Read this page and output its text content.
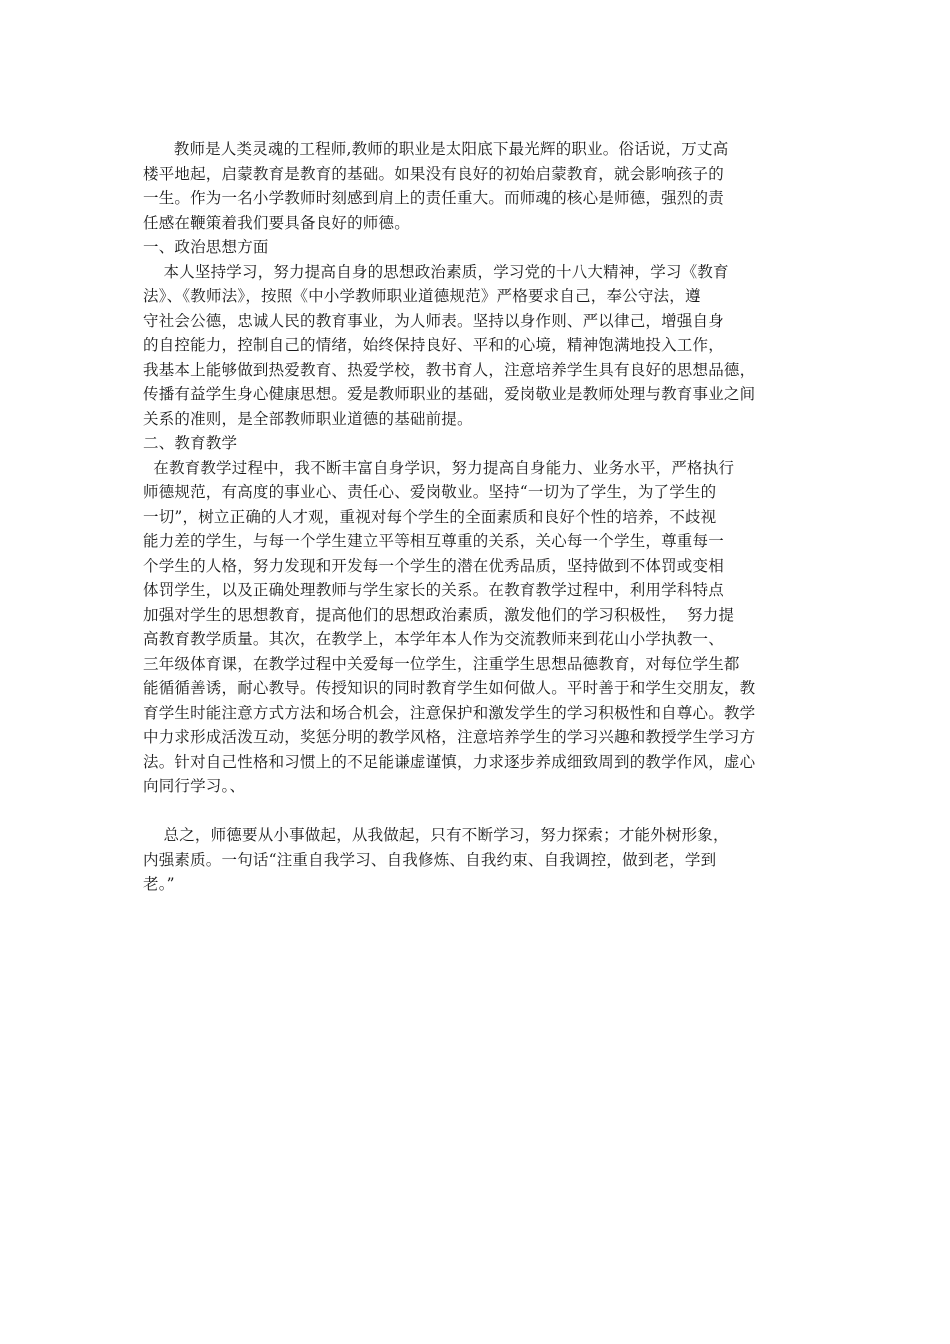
教师是人类灵魂的工程师,教师的职业是太阳底下最光辉的职业。俗话说，万丈高
楼平地起，启蒙教育是教育的基础。如果没有良好的初始启蒙教育，就会影响孩子的
一生。作为一名小学教师时刻感到肩上的责任重大。而师魂的核心是师德，强烈的责
任感在鞭策着我们要具备良好的师德。
一、政治思想方面
本人坚持学习，努力提高自身的思想政治素质，学习党的十八大精神，学习《教育
法》、《教师法》，按照《中小学教师职业道德规范》严格要求自己，奉公守法，遵
守社会公德，忠诚人民的教育事业，为人师表。坚持以身作则、严以律己，增强自身
的自控能力，控制自己的情绪，始终保持良好、平和的心境，精神饱满地投入工作，
我基本上能够做到热爱教育、热爱学校，教书育人，注意培养学生具有良好的思想品德，
传播有益学生身心健康思想。爱是教师职业的基础，爱岗敬业是教师处理与教育事业之间
关系的准则，是全部教师职业道德的基础前提。
二、教育教学
在教育教学过程中，我不断丰富自身学识，努力提高自身能力、业务水平，严格执行
师德规范，有高度的事业心、责任心、爱岗敬业。坚持“一切为了学生，为了学生的
一切”，树立正确的人才观，重视对每个学生的全面素质和良好个性的培养，不歧视
能力差的学生，与每一个学生建立平等相互尊重的关系，关心每一个学生，尊重每一
个学生的人格，努力发现和开发每一个学生的潜在优秀品质，坚持做到不体罚或变相
体罚学生，以及正确处理教师与学生家长的关系。在教育教学过程中，利用学科特点
加强对学生的思想教育，提高他们的思想政治素质，激发他们的学习积极性，  努力提
高教育教学质量。其次，在教学上，本学年本人作为交流教师来到花山小学执教一、
三年级体育课，在教学过程中关爱每一位学生，注重学生思想品德教育，对每位学生都
能循循善诱，耐心教导。传授知识的同时教育学生如何做人。平时善于和学生交朋友，教
育学生时能注意方式方法和场合机会，注意保护和激发学生的学习积极性和自尊心。教学
中力求形成活泼互动，奖惩分明的教学风格，注意培养学生的学习兴趣和教授学生学习方
法。针对自己性格和习惯上的不足能谦虚谨慎，力求逐步养成细致周到的教学作风，虚心
向同行学习。、
总之，师德要从小事做起，从我做起，只有不断学习，努力探索；才能外树形象，
内强素质。一句话“注重自我学习、自我修炼、自我约束、自我调控，做到老，学到
老。”
